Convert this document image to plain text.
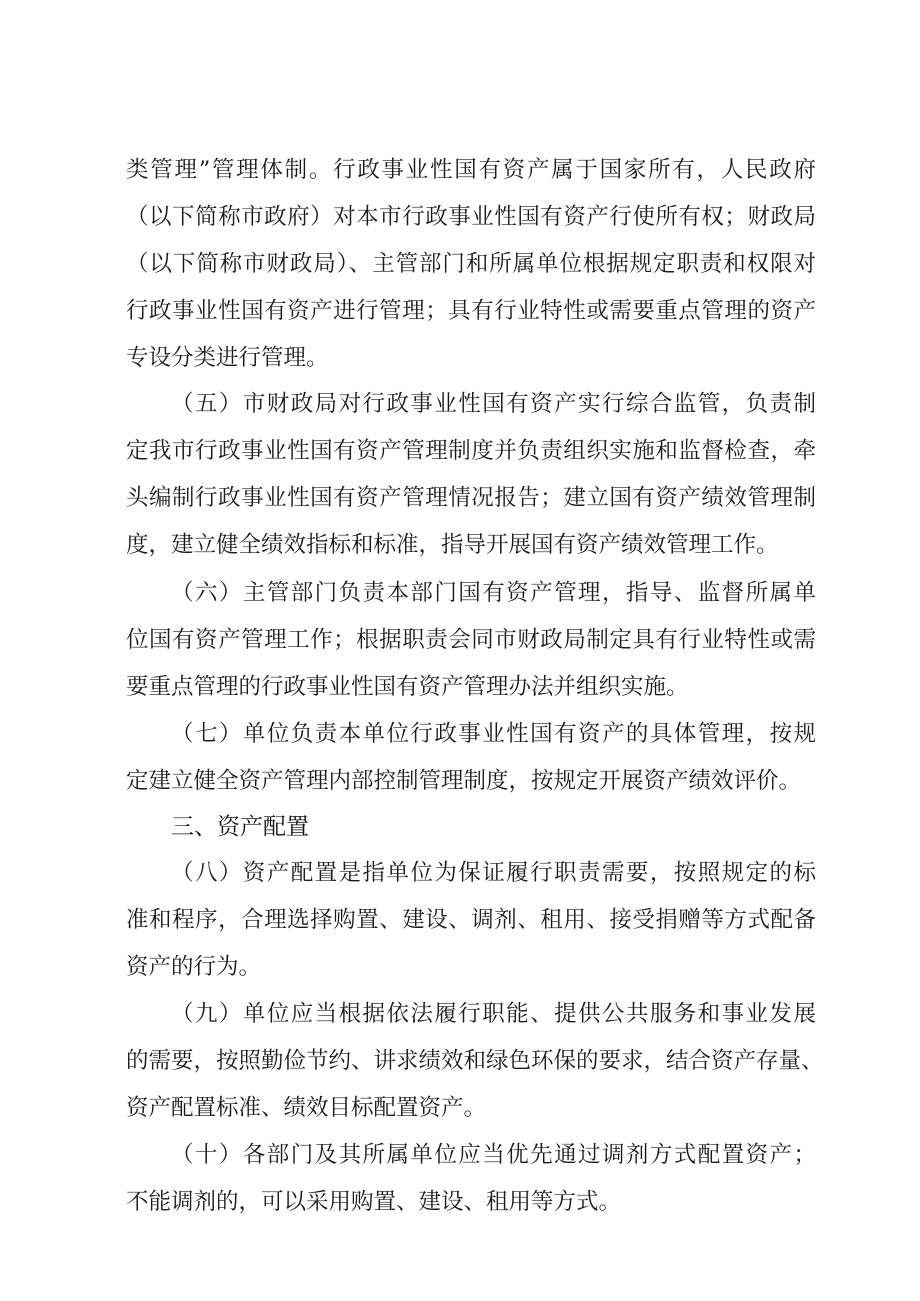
类管理”管理体制。行政事业性国有资产属于国家所有，人民政府
（以下简称市政府）对本市行政事业性国有资产行使所有权；财政局
（以下简称市财政局）、主管部门和所属单位根据规定职责和权限对
行政事业性国有资产进行管理；具有行业特性或需要重点管理的资产
专设分类进行管理。
（五）市财政局对行政事业性国有资产实行综合监管，负责制
定我市行政事业性国有资产管理制度并负责组织实施和监督检查，牵
头编制行政事业性国有资产管理情况报告；建立国有资产绩效管理制
度，建立健全绩效指标和标准，指导开展国有资产绩效管理工作。
（六）主管部门负责本部门国有资产管理，指导、监督所属单
位国有资产管理工作；根据职责会同市财政局制定具有行业特性或需
要重点管理的行政事业性国有资产管理办法并组织实施。
（七）单位负责本单位行政事业性国有资产的具体管理，按规
定建立健全资产管理内部控制管理制度，按规定开展资产绩效评价。
三、资产配置
（八）资产配置是指单位为保证履行职责需要，按照规定的标
准和程序，合理选择购置、建设、调剂、租用、接受捐赠等方式配备
资产的行为。
（九）单位应当根据依法履行职能、提供公共服务和事业发展
的需要，按照勤俭节约、讲求绩效和绿色环保的要求，结合资产存量、
资产配置标准、绩效目标配置资产。
（十）各部门及其所属单位应当优先通过调剂方式配置资产；
不能调剂的，可以采用购置、建设、租用等方式。
